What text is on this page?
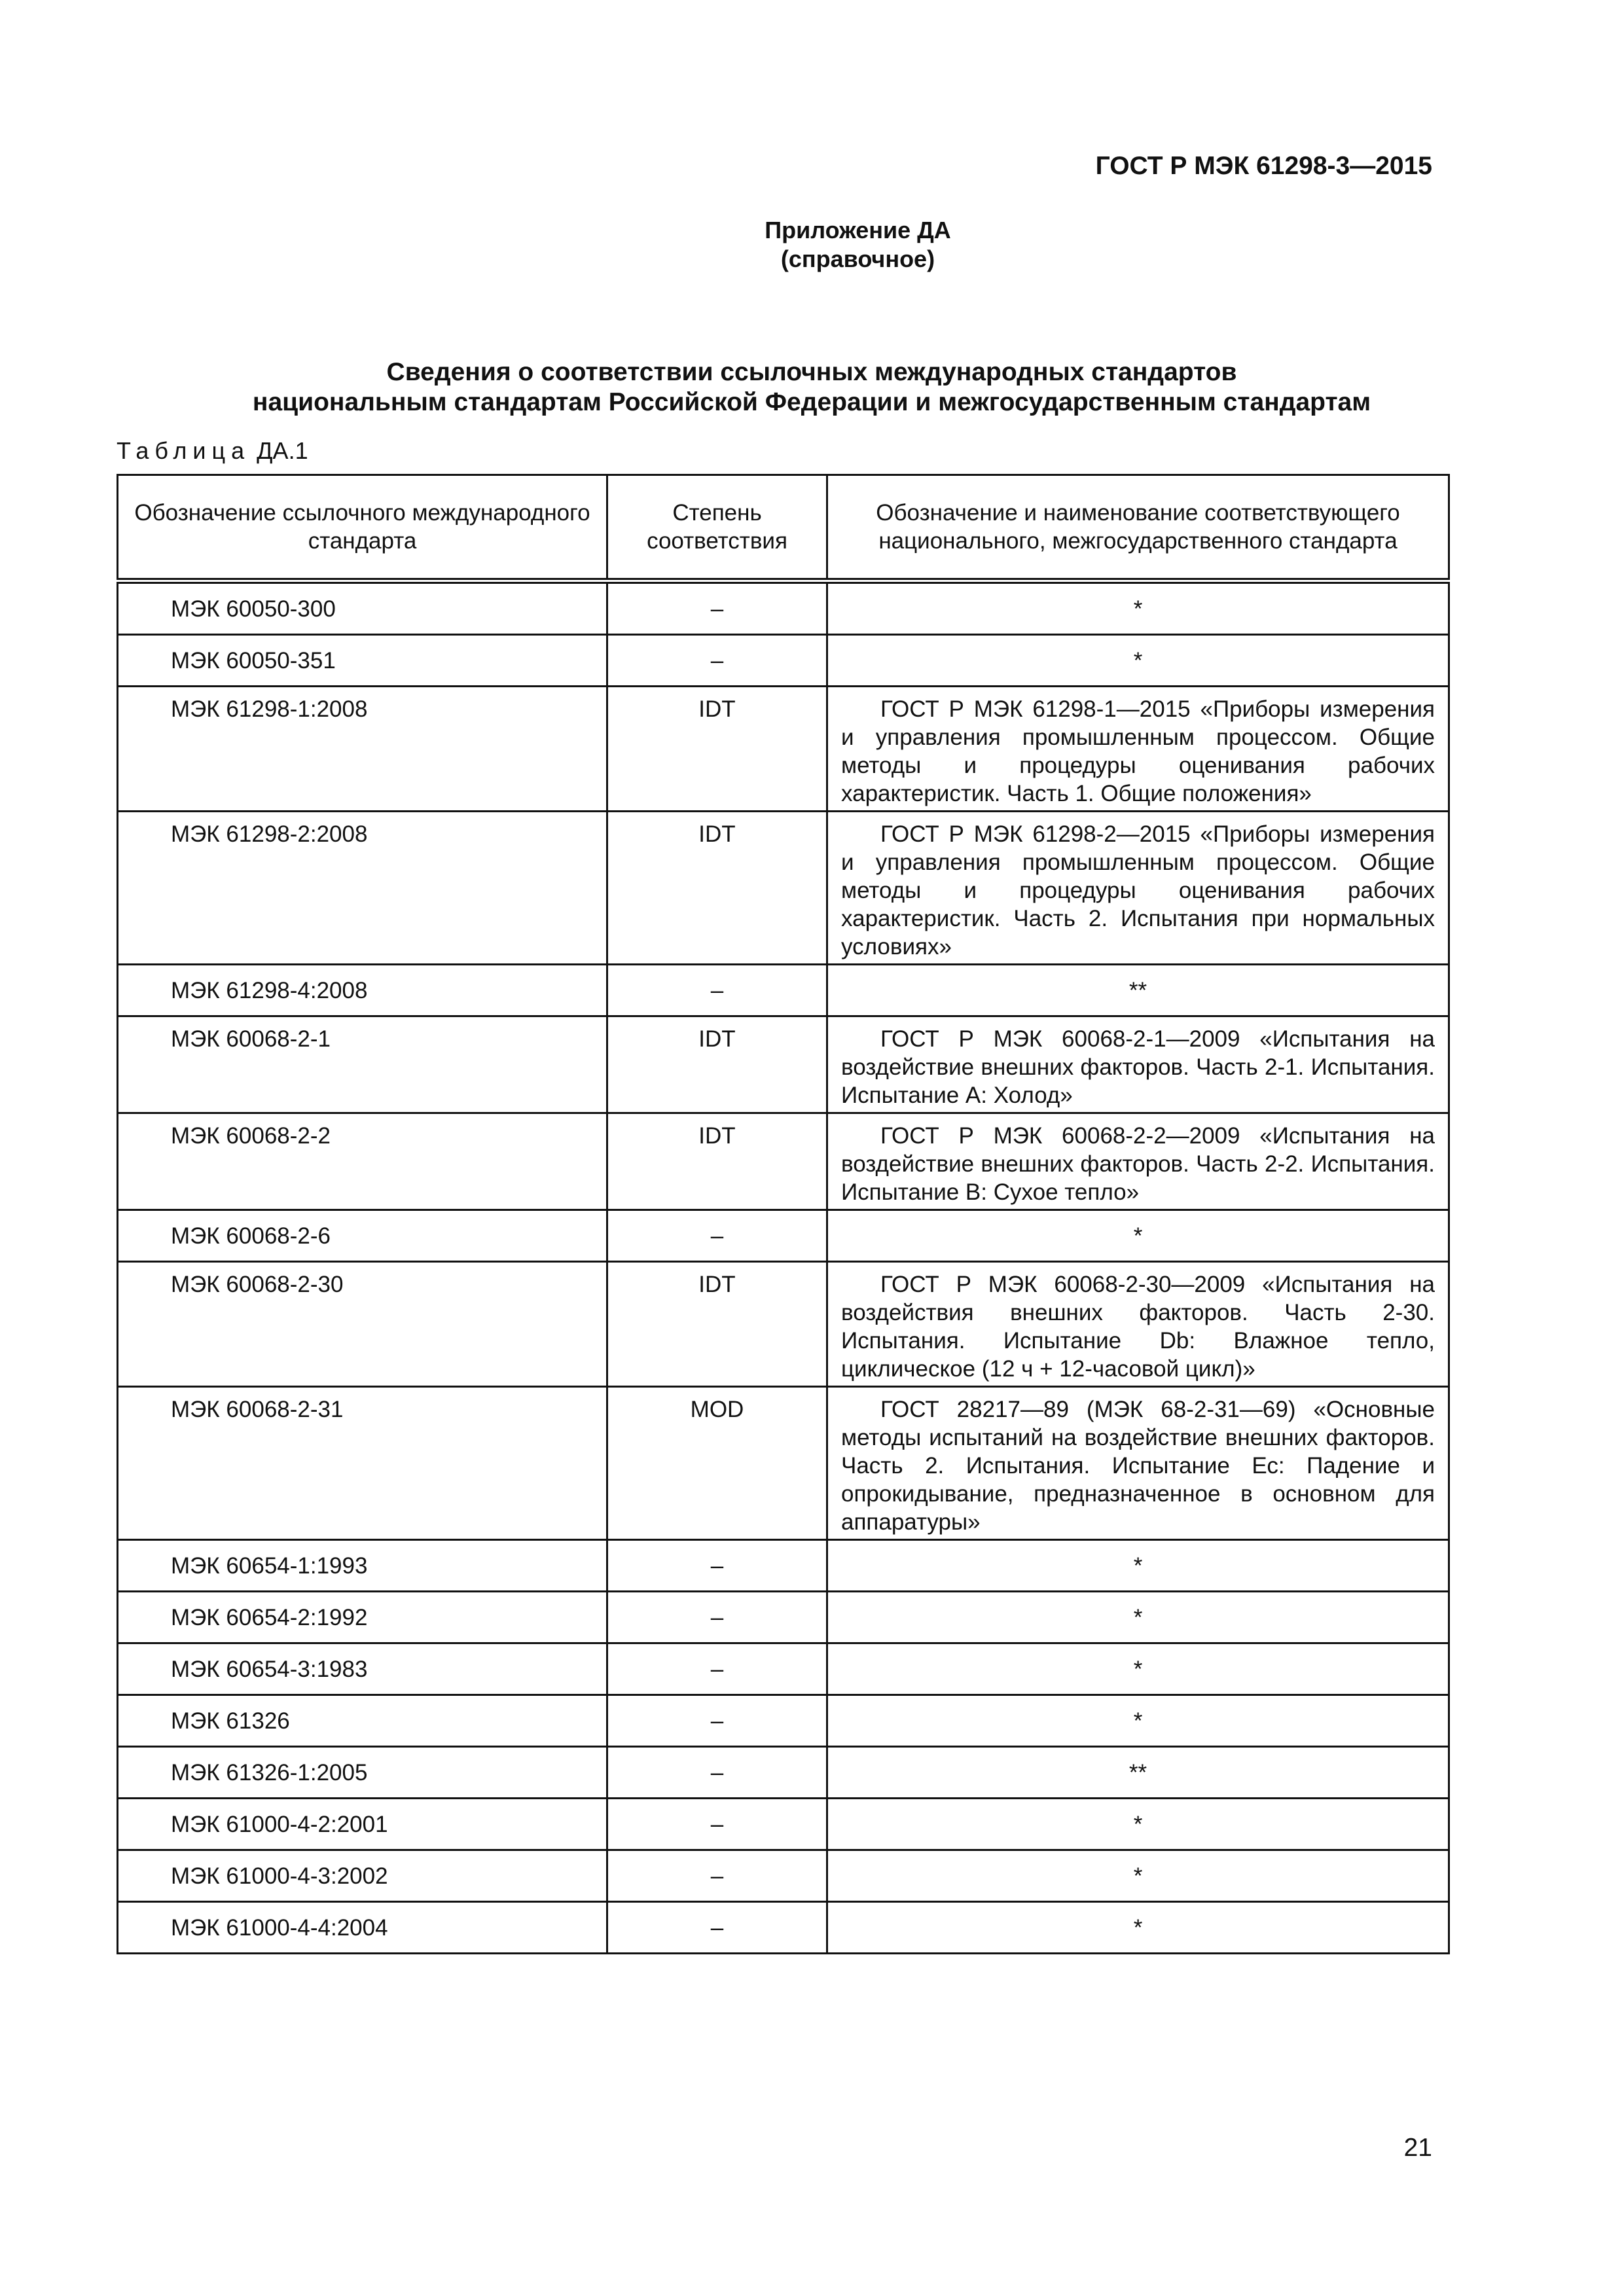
ГОСТ Р МЭК 61298-3—2015
Приложение ДА
(справочное)
Сведения о соответствии ссылочных международных стандартов
национальным стандартам Российской Федерации и межгосударственным стандартам
Таблица ДА.1
Обозначение ссылочного международного стандарта	Степень соответствия	Обозначение и наименование соответствующего национального, межгосударственного стандарта
МЭК 60050-300	–	*
МЭК 60050-351	–	*
МЭК 61298-1:2008	IDT	ГОСТ Р МЭК 61298-1—2015 «Приборы измерения и управления промышленным процессом. Общие методы и процедуры оценивания рабочих характеристик. Часть 1. Общие положения»
МЭК 61298-2:2008	IDT	ГОСТ Р МЭК 61298-2—2015 «Приборы измерения и управления промышленным процессом. Общие методы и процедуры оценивания рабочих характеристик. Часть 2. Испытания при нормальных условиях»
МЭК 61298-4:2008	–	**
МЭК 60068-2-1	IDT	ГОСТ Р МЭК 60068-2-1—2009 «Испытания на воздействие внешних факторов. Часть 2-1. Испытания. Испытание А: Холод»
МЭК 60068-2-2	IDT	ГОСТ Р МЭК 60068-2-2—2009 «Испытания на воздействие внешних факторов. Часть 2-2. Испытания. Испытание В: Сухое тепло»
МЭК 60068-2-6	–	*
МЭК 60068-2-30	IDT	ГОСТ Р МЭК 60068-2-30—2009 «Испытания на воздействия внешних факторов. Часть 2-30. Испытания. Испытание Db: Влажное тепло, циклическое (12 ч + 12-часовой цикл)»
МЭК 60068-2-31	MOD	ГОСТ 28217—89 (МЭК 68-2-31—69) «Основные методы испытаний на воздействие внешних факторов. Часть 2. Испытания. Испытание Ес: Падение и опрокидывание, предназначенное в основном для аппаратуры»
МЭК 60654-1:1993	–	*
МЭК 60654-2:1992	–	*
МЭК 60654-3:1983	–	*
МЭК 61326	–	*
МЭК 61326-1:2005	–	**
МЭК 61000-4-2:2001	–	*
МЭК 61000-4-3:2002	–	*
МЭК 61000-4-4:2004	–	*
21
